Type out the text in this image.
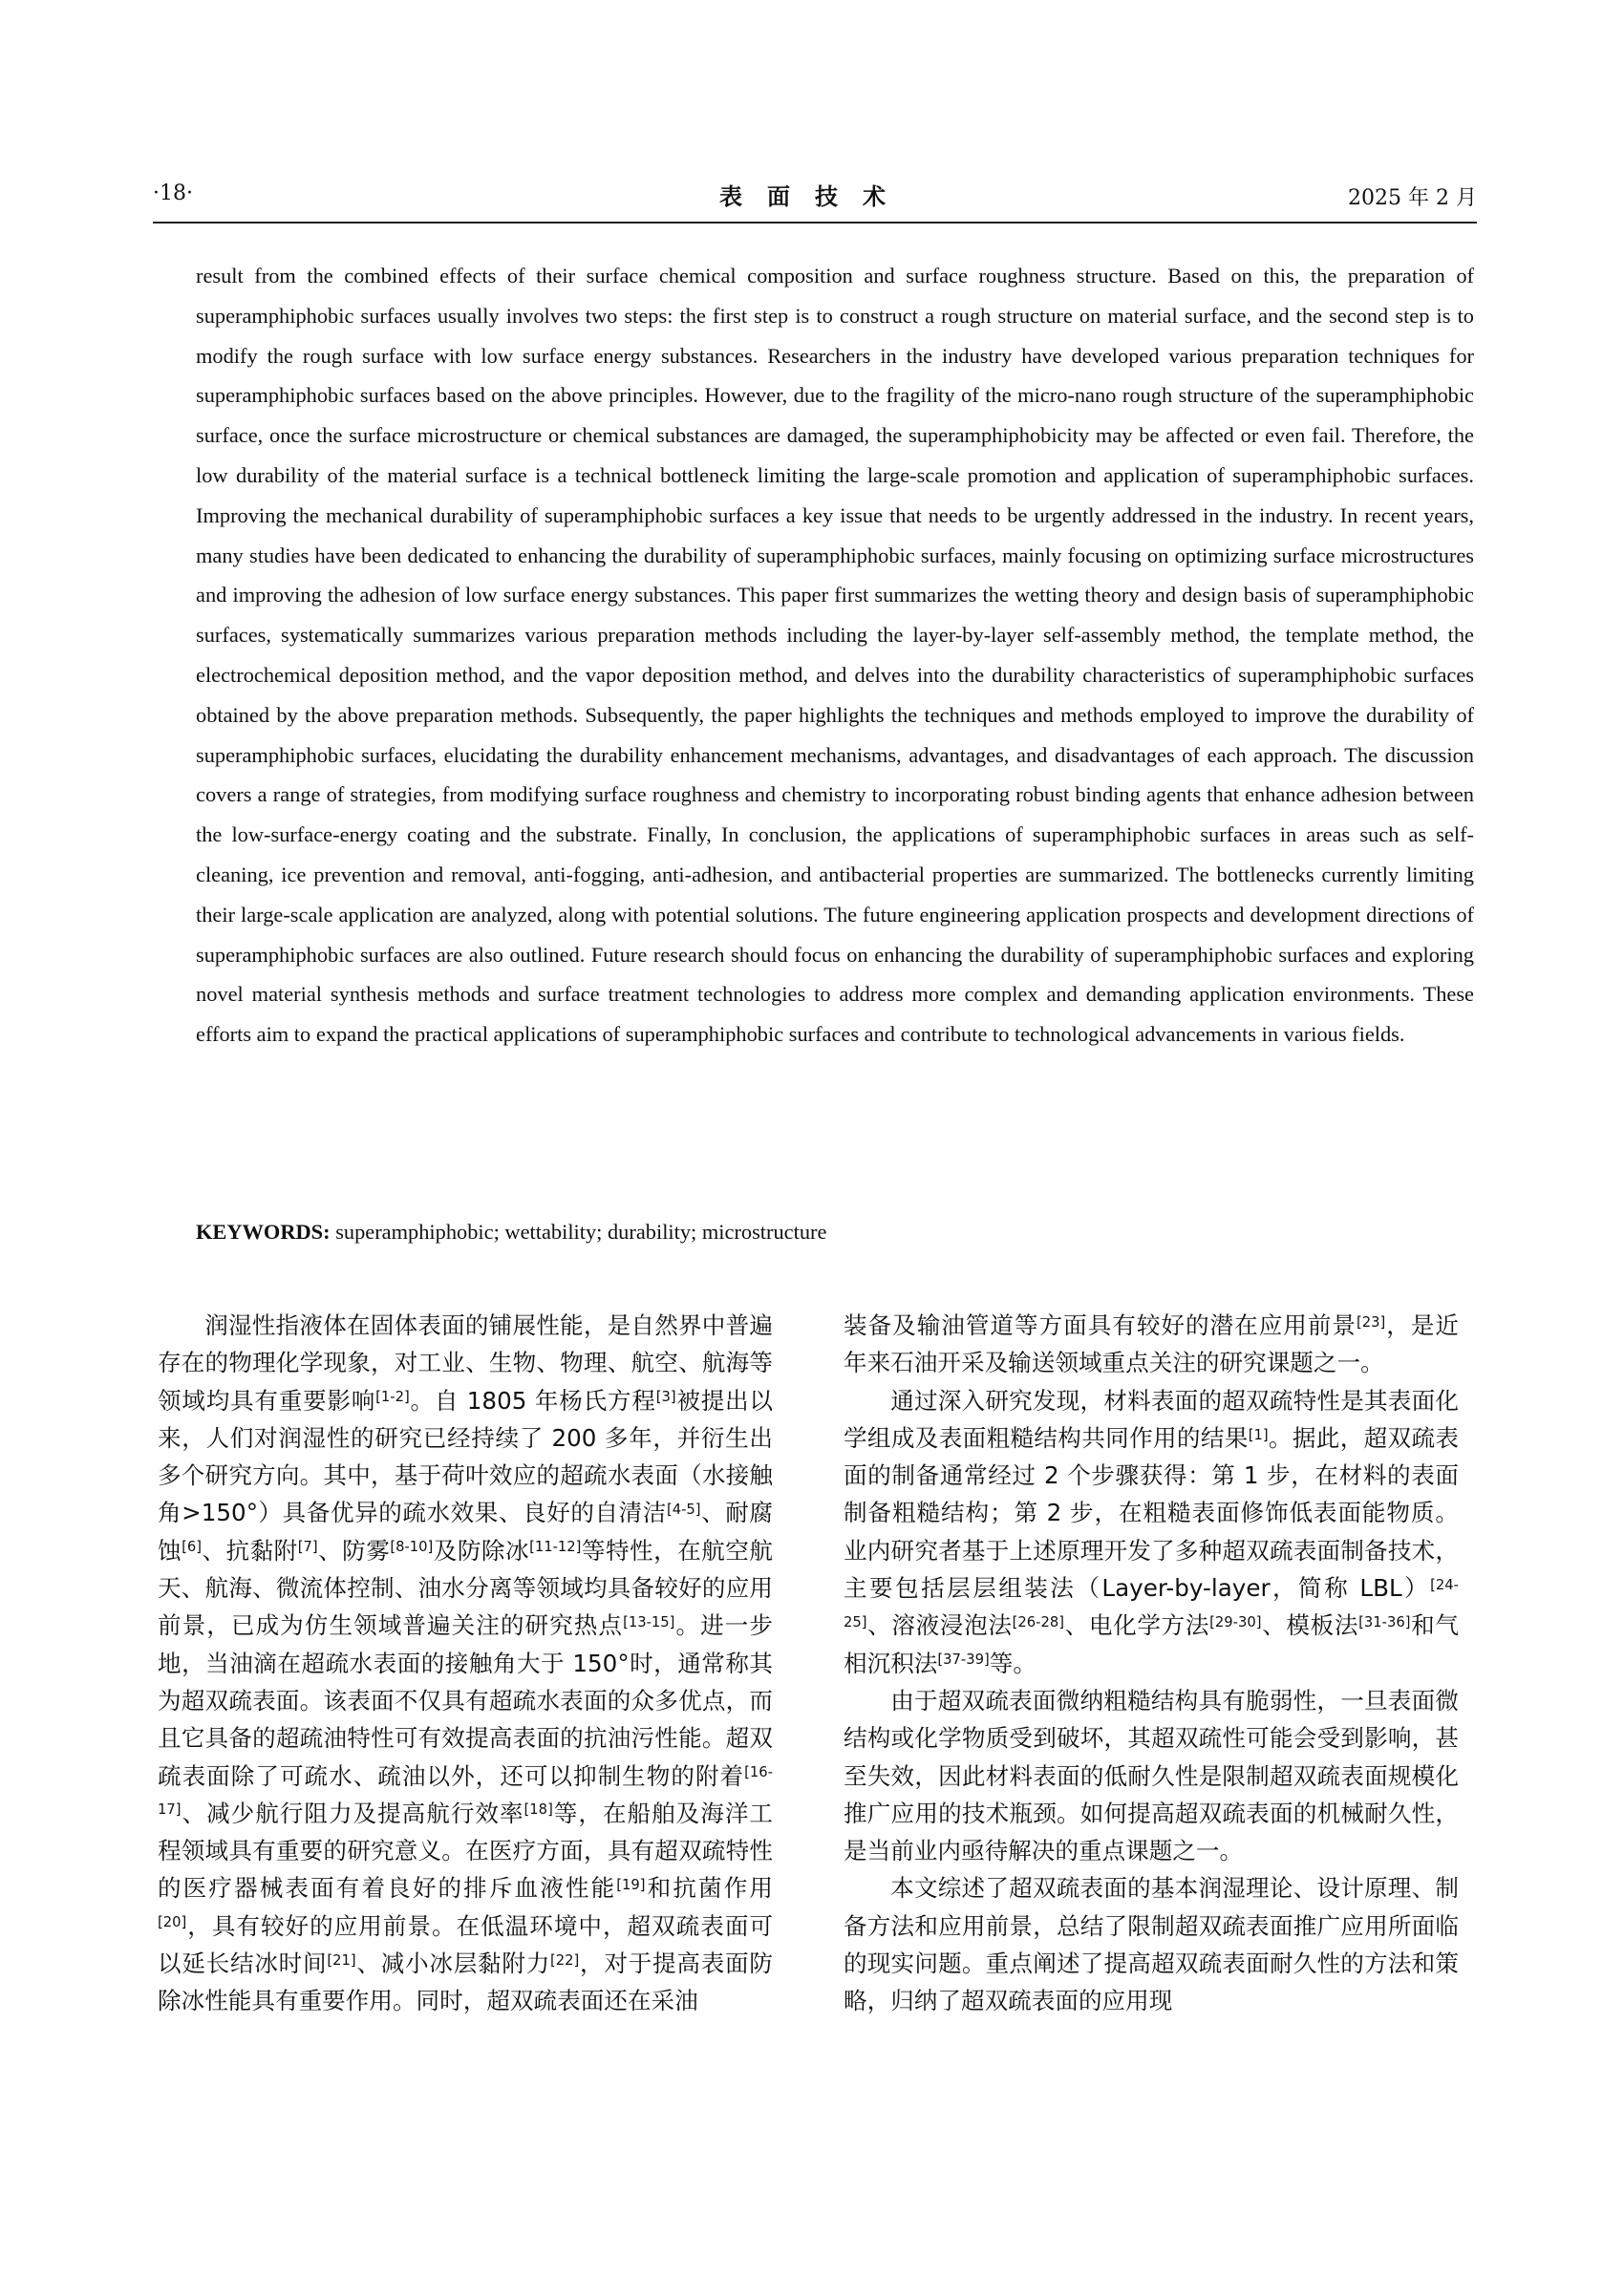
·18·	表面技术	2025 年 2 月

result from the combined effects of their surface chemical composition and surface roughness structure. Based on this, the preparation of superamphiphobic surfaces usually involves two steps: the first step is to construct a rough structure on material surface, and the second step is to modify the rough surface with low surface energy substances. Researchers in the industry have developed various preparation techniques for superamphiphobic surfaces based on the above principles. However, due to the fragility of the micro-nano rough structure of the superamphiphobic surface, once the surface microstructure or chemical substances are damaged, the superamphiphobicity may be affected or even fail. Therefore, the low durability of the material surface is a technical bottleneck limiting the large-scale promotion and application of superamphiphobic surfaces. Improving the mechanical durability of superamphiphobic surfaces a key issue that needs to be urgently addressed in the industry. In recent years, many studies have been dedicated to enhancing the durability of superamphiphobic surfaces, mainly focusing on optimizing surface microstructures and improving the adhesion of low surface energy substances. This paper first summarizes the wetting theory and design basis of superamphiphobic surfaces, systematically summarizes various preparation methods including the layer-by-layer self-assembly method, the template method, the electrochemical deposition method, and the vapor deposition method, and delves into the durability characteristics of superamphiphobic surfaces obtained by the above preparation methods. Subsequently, the paper highlights the techniques and methods employed to improve the durability of superamphiphobic surfaces, elucidating the durability enhancement mechanisms, advantages, and disadvantages of each approach. The discussion covers a range of strategies, from modifying surface roughness and chemistry to incorporating robust binding agents that enhance adhesion between the low-surface-energy coating and the substrate. Finally, In conclusion, the applications of superamphiphobic surfaces in areas such as self-cleaning, ice prevention and removal, anti-fogging, anti-adhesion, and antibacterial properties are summarized. The bottlenecks currently limiting their large-scale application are analyzed, along with potential solutions. The future engineering application prospects and development directions of superamphiphobic surfaces are also outlined. Future research should focus on enhancing the durability of superamphiphobic surfaces and exploring novel material synthesis methods and surface treatment technologies to address more complex and demanding application environments. These efforts aim to expand the practical applications of superamphiphobic surfaces and contribute to technological advancements in various fields.

KEYWORDS: superamphiphobic; wettability; durability; microstructure

润湿性指液体在固体表面的铺展性能，是自然界中普遍存在的物理化学现象，对工业、生物、物理、航空、航海等领域均具有重要影响[1-2]。自 1805 年杨氏方程[3]被提出以来，人们对润湿性的研究已经持续了 200 多年，并衍生出多个研究方向。其中，基于荷叶效应的超疏水表面（水接触角>150°）具备优异的疏水效果、良好的自清洁[4-5]、耐腐蚀[6]、抗黏附[7]、防雾[8-10]及防除冰[11-12]等特性，在航空航天、航海、微流体控制、油水分离等领域均具备较好的应用前景，已成为仿生领域普遍关注的研究热点[13-15]。进一步地，当油滴在超疏水表面的接触角大于 150°时，通常称其为超双疏表面。该表面不仅具有超疏水表面的众多优点，而且它具备的超疏油特性可有效提高表面的抗油污性能。超双疏表面除了可疏水、疏油以外，还可以抑制生物的附着[16-17]、减少航行阻力及提高航行效率[18]等，在船舶及海洋工程领域具有重要的研究意义。在医疗方面，具有超双疏特性的医疗器械表面有着良好的排斥血液性能[19]和抗菌作用[20]，具有较好的应用前景。在低温环境中，超双疏表面可以延长结冰时间[21]、减小冰层黏附力[22]，对于提高表面防除冰性能具有重要作用。同时，超双疏表面还在采油

装备及输油管道等方面具有较好的潜在应用前景[23]，是近年来石油开采及输送领域重点关注的研究课题之一。

通过深入研究发现，材料表面的超双疏特性是其表面化学组成及表面粗糙结构共同作用的结果[1]。据此，超双疏表面的制备通常经过 2 个步骤获得：第 1 步，在材料的表面制备粗糙结构；第 2 步，在粗糙表面修饰低表面能物质。业内研究者基于上述原理开发了多种超双疏表面制备技术，主要包括层层组装法（Layer-by-layer，简称 LBL）[24-25]、溶液浸泡法[26-28]、电化学方法[29-30]、模板法[31-36]和气相沉积法[37-39]等。

由于超双疏表面微纳粗糙结构具有脆弱性，一旦表面微结构或化学物质受到破坏，其超双疏性可能会受到影响，甚至失效，因此材料表面的低耐久性是限制超双疏表面规模化推广应用的技术瓶颈。如何提高超双疏表面的机械耐久性，是当前业内亟待解决的重点课题之一。

本文综述了超双疏表面的基本润湿理论、设计原理、制备方法和应用前景，总结了限制超双疏表面推广应用所面临的现实问题。重点阐述了提高超双疏表面耐久性的方法和策略，归纳了超双疏表面的应用现
